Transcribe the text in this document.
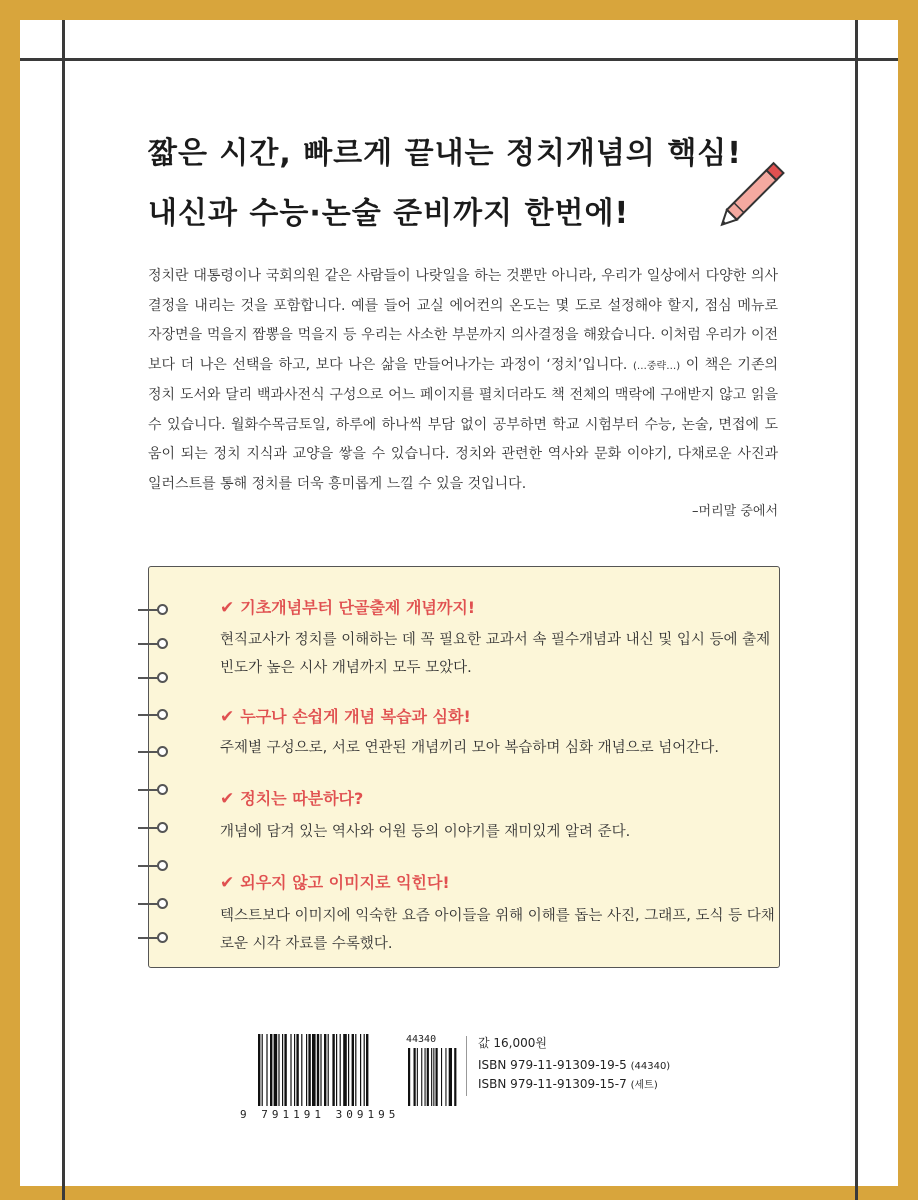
짧은 시간, 빠르게 끝내는 정치개념의 핵심!
내신과 수능·논술 준비까지 한번에!

정치란 대통령이나 국회의원 같은 사람들이 나랏일을 하는 것뿐만 아니라, 우리가 일상에서 다양한 의사결정을 내리는 것을 포함합니다. 예를 들어 교실 에어컨의 온도는 몇 도로 설정해야 할지, 점심 메뉴로 자장면을 먹을지 짬뽕을 먹을지 등 우리는 사소한 부분까지 의사결정을 해왔습니다. 이처럼 우리가 이전보다 더 나은 선택을 하고, 보다 나은 삶을 만들어나가는 과정이 ‘정치’입니다. (…중략…) 이 책은 기존의 정치 도서와 달리 백과사전식 구성으로 어느 페이지를 펼치더라도 책 전체의 맥락에 구애받지 않고 읽을 수 있습니다. 월화수목금토일, 하루에 하나씩 부담 없이 공부하면 학교 시험부터 수능, 논술, 면접에 도움이 되는 정치 지식과 교양을 쌓을 수 있습니다. 정치와 관련한 역사와 문화 이야기, 다채로운 사진과 일러스트를 통해 정치를 더욱 흥미롭게 느낄 수 있을 것입니다.

–머리말 중에서
✔ 기초개념부터 단골출제 개념까지!

현직교사가 정치를 이해하는 데 꼭 필요한 교과서 속 필수개념과 내신 및 입시 등에 출제빈도가 높은 시사 개념까지 모두 모았다.

✔ 누구나 손쉽게 개념 복습과 심화!

주제별 구성으로, 서로 연관된 개념끼리 모아 복습하며 심화 개념으로 넘어간다.

✔ 정치는 따분하다?

개념에 담겨 있는 역사와 어원 등의 이야기를 재미있게 알려 준다.

✔ 외우지 않고 이미지로 익힌다!

텍스트보다 이미지에 익숙한 요즘 아이들을 위해 이해를 돕는 사진, 그래프, 도식 등 다채로운 시각 자료를 수록했다.

44340
9 791191 309195
값 16,000원
ISBN 979-11-91309-19-5 (44340)
ISBN 979-11-91309-15-7 (세트)
